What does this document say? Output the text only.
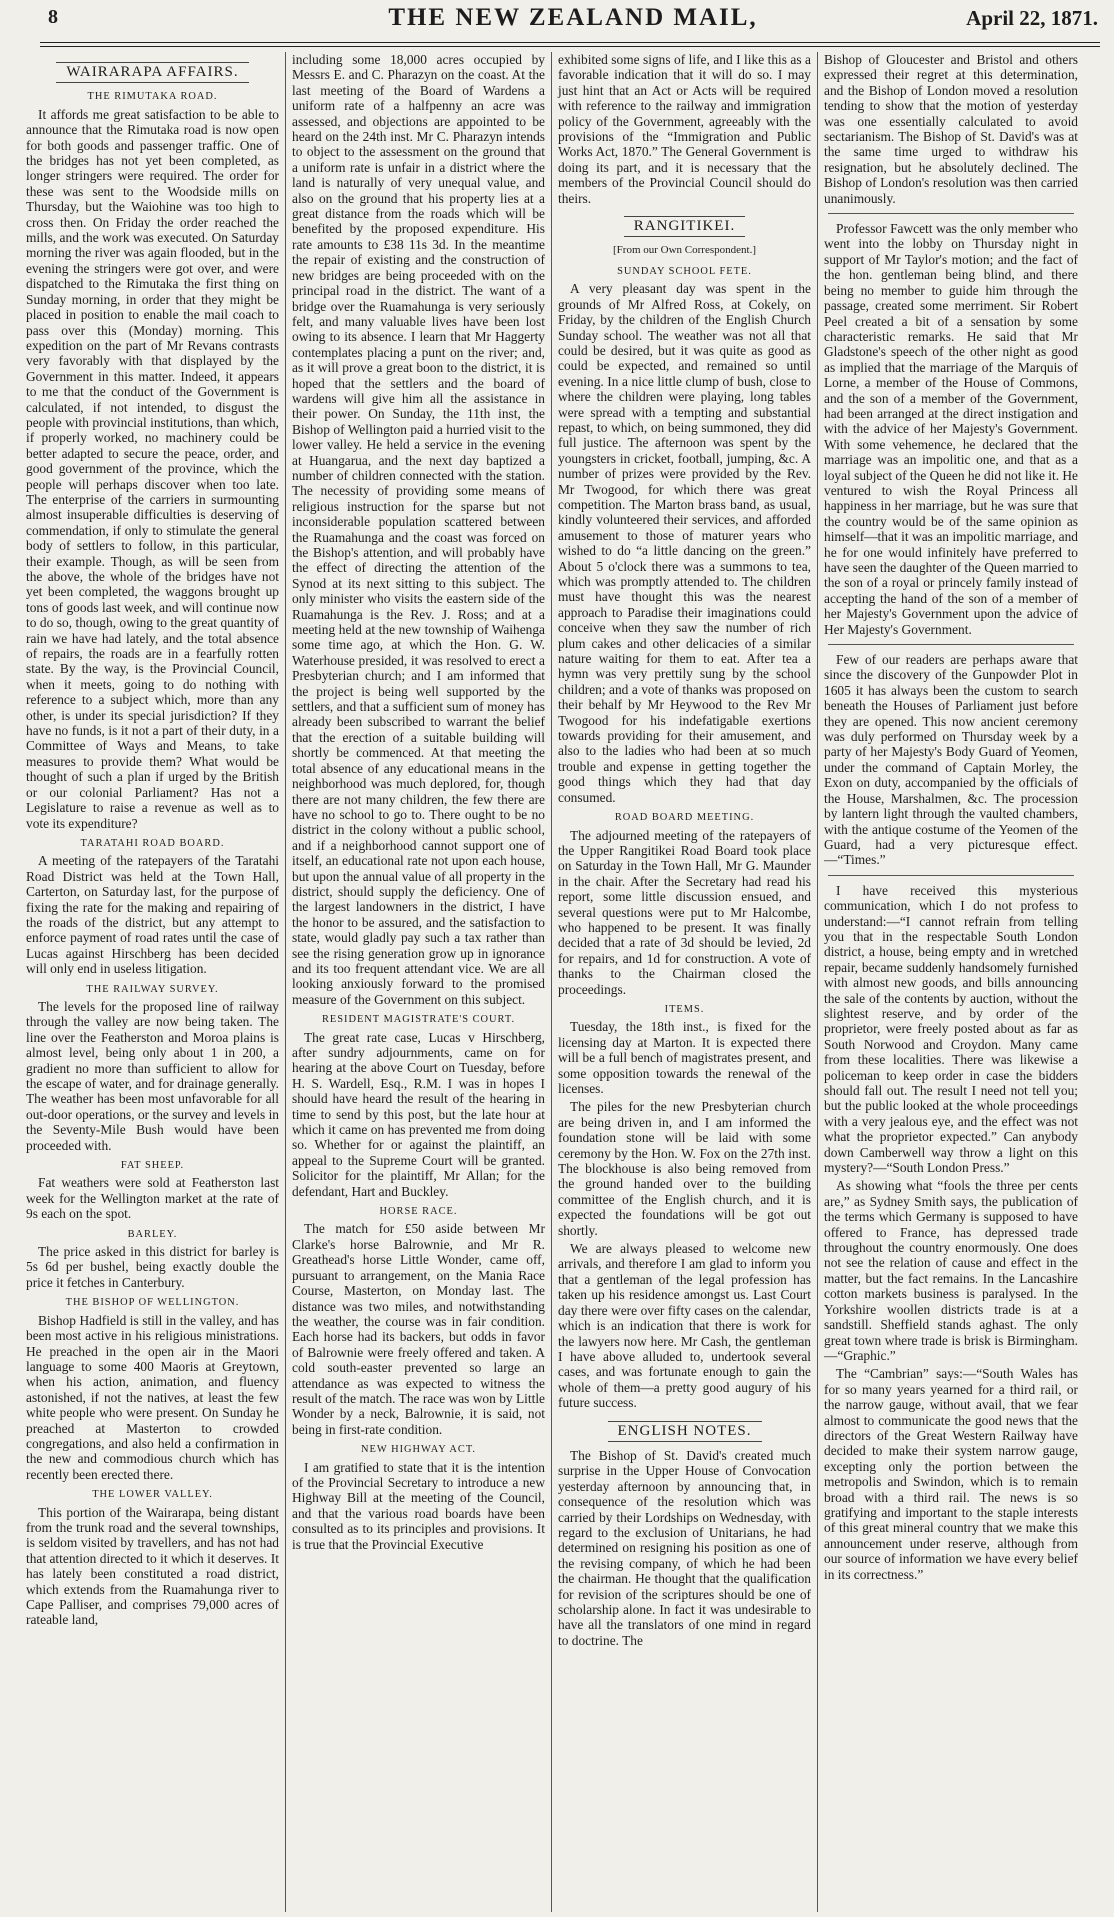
8	THE NEW ZEALAND MAIL,	April 22, 1871.
WAIRARAPA AFFAIRS.
THE RIMUTAKA ROAD.

It affords me great satisfaction to be able to announce that the Rimutaka road is now open for both goods and passenger traffic. One of the bridges has not yet been completed, as longer stringers were required. The order for these was sent to the Woodside mills on Thursday, but the Waiohine was too high to cross then. On Friday the order reached the mills, and the work was executed. On Saturday morning the river was again flooded, but in the evening the stringers were got over, and were dispatched to the Rimutaka the first thing on Sunday morning, in order that they might be placed in position to enable the mail coach to pass over this (Monday) morning. This expedition on the part of Mr Revans contrasts very favorably with that displayed by the Government in this matter. Indeed, it appears to me that the conduct of the Government is calculated, if not intended, to disgust the people with provincial institutions, than which, if properly worked, no machinery could be better adapted to secure the peace, order, and good government of the province, which the people will perhaps discover when too late. The enterprise of the carriers in surmounting almost insuperable difficulties is deserving of commendation, if only to stimulate the general body of settlers to follow, in this particular, their example. Though, as will be seen from the above, the whole of the bridges have not yet been completed, the waggons brought up tons of goods last week, and will continue now to do so, though, owing to the great quantity of rain we have had lately, and the total absence of repairs, the roads are in a fearfully rotten state. By the way, is the Provincial Council, when it meets, going to do nothing with reference to a subject which, more than any other, is under its special jurisdiction? If they have no funds, is it not a part of their duty, in a Committee of Ways and Means, to take measures to provide them? What would be thought of such a plan if urged by the British or our colonial Parliament? Has not a Legislature to raise a revenue as well as to vote its expenditure?

TARATAHI ROAD BOARD.

A meeting of the ratepayers of the Taratahi Road District was held at the Town Hall, Carterton, on Saturday last, for the purpose of fixing the rate for the making and repairing of the roads of the district, but any attempt to enforce payment of road rates until the case of Lucas against Hirschberg has been decided will only end in useless litigation.

THE RAILWAY SURVEY.

The levels for the proposed line of railway through the valley are now being taken. The line over the Featherston and Moroa plains is almost level, being only about 1 in 200, a gradient no more than sufficient to allow for the escape of water, and for drainage generally. The weather has been most unfavorable for all out-door operations, or the survey and levels in the Seventy-Mile Bush would have been proceeded with.

FAT SHEEP.

Fat weathers were sold at Featherston last week for the Wellington market at the rate of 9s each on the spot.

BARLEY.

The price asked in this district for barley is 5s 6d per bushel, being exactly double the price it fetches in Canterbury.

THE BISHOP OF WELLINGTON.

Bishop Hadfield is still in the valley, and has been most active in his religious ministrations. He preached in the open air in the Maori language to some 400 Maoris at Greytown, when his action, animation, and fluency astonished, if not the natives, at least the few white people who were present. On Sunday he preached at Masterton to crowded congregations, and also held a confirmation in the new and commodious church which has recently been erected there.

THE LOWER VALLEY.

This portion of the Wairarapa, being distant from the trunk road and the several townships, is seldom visited by travellers, and has not had that attention directed to it which it deserves. It has lately been constituted a road district, which extends from the Ruamahunga river to Cape Palliser, and comprises 79,000 acres of rateable land,

including some 18,000 acres occupied by Messrs E. and C. Pharazyn on the coast. At the last meeting of the Board of Wardens a uniform rate of a halfpenny an acre was assessed, and objections are appointed to be heard on the 24th inst. Mr C. Pharazyn intends to object to the assessment on the ground that a uniform rate is unfair in a district where the land is naturally of very unequal value, and also on the ground that his property lies at a great distance from the roads which will be benefited by the proposed expenditure. His rate amounts to £38 11s 3d. In the meantime the repair of existing and the construction of new bridges are being proceeded with on the principal road in the district. The want of a bridge over the Ruamahunga is very seriously felt, and many valuable lives have been lost owing to its absence. I learn that Mr Haggerty contemplates placing a punt on the river; and, as it will prove a great boon to the district, it is hoped that the settlers and the board of wardens will give him all the assistance in their power. On Sunday, the 11th inst, the Bishop of Wellington paid a hurried visit to the lower valley. He held a service in the evening at Huangarua, and the next day baptized a number of children connected with the station. The necessity of providing some means of religious instruction for the sparse but not inconsiderable population scattered between the Ruamahunga and the coast was forced on the Bishop's attention, and will probably have the effect of directing the attention of the Synod at its next sitting to this subject. The only minister who visits the eastern side of the Ruamahunga is the Rev. J. Ross; and at a meeting held at the new township of Waihenga some time ago, at which the Hon. G. W. Waterhouse presided, it was resolved to erect a Presbyterian church; and I am informed that the project is being well supported by the settlers, and that a sufficient sum of money has already been subscribed to warrant the belief that the erection of a suitable building will shortly be commenced. At that meeting the total absence of any educational means in the neighborhood was much deplored, for, though there are not many children, the few there are have no school to go to. There ought to be no district in the colony without a public school, and if a neighborhood cannot support one of itself, an educational rate not upon each house, but upon the annual value of all property in the district, should supply the deficiency. One of the largest landowners in the district, I have the honor to be assured, and the satisfaction to state, would gladly pay such a tax rather than see the rising generation grow up in ignorance and its too frequent attendant vice. We are all looking anxiously forward to the promised measure of the Government on this subject.

RESIDENT MAGISTRATE'S COURT.

The great rate case, Lucas v Hirschberg, after sundry adjournments, came on for hearing at the above Court on Tuesday, before H. S. Wardell, Esq., R.M. I was in hopes I should have heard the result of the hearing in time to send by this post, but the late hour at which it came on has prevented me from doing so. Whether for or against the plaintiff, an appeal to the Supreme Court will be granted. Solicitor for the plaintiff, Mr Allan; for the defendant, Hart and Buckley.

HORSE RACE.

The match for £50 aside between Mr Clarke's horse Balrownie, and Mr R. Greathead's horse Little Wonder, came off, pursuant to arrangement, on the Mania Race Course, Masterton, on Monday last. The distance was two miles, and notwithstanding the weather, the course was in fair condition. Each horse had its backers, but odds in favor of Balrownie were freely offered and taken. A cold south-easter prevented so large an attendance as was expected to witness the result of the match. The race was won by Little Wonder by a neck, Balrownie, it is said, not being in first-rate condition.

NEW HIGHWAY ACT.

I am gratified to state that it is the intention of the Provincial Secretary to introduce a new Highway Bill at the meeting of the Council, and that the various road boards have been consulted as to its principles and provisions. It is true that the Provincial Executive

exhibited some signs of life, and I like this as a favorable indication that it will do so. I may just hint that an Act or Acts will be required with reference to the railway and immigration policy of the Government, agreeably with the provisions of the “Immigration and Public Works Act, 1870.” The General Government is doing its part, and it is necessary that the members of the Provincial Council should do theirs.

RANGITIKEI.
[From our Own Correspondent.]
SUNDAY SCHOOL FETE.

A very pleasant day was spent in the grounds of Mr Alfred Ross, at Cokely, on Friday, by the children of the English Church Sunday school. The weather was not all that could be desired, but it was quite as good as could be expected, and remained so until evening. In a nice little clump of bush, close to where the children were playing, long tables were spread with a tempting and substantial repast, to which, on being summoned, they did full justice. The afternoon was spent by the youngsters in cricket, football, jumping, &c. A number of prizes were provided by the Rev. Mr Twogood, for which there was great competition. The Marton brass band, as usual, kindly volunteered their services, and afforded amusement to those of maturer years who wished to do “a little dancing on the green.” About 5 o'clock there was a summons to tea, which was promptly attended to. The children must have thought this was the nearest approach to Paradise their imaginations could conceive when they saw the number of rich plum cakes and other delicacies of a similar nature waiting for them to eat. After tea a hymn was very prettily sung by the school children; and a vote of thanks was proposed on their behalf by Mr Heywood to the Rev Mr Twogood for his indefatigable exertions towards providing for their amusement, and also to the ladies who had been at so much trouble and expense in getting together the good things which they had that day consumed.

ROAD BOARD MEETING.

The adjourned meeting of the ratepayers of the Upper Rangitikei Road Board took place on Saturday in the Town Hall, Mr G. Maunder in the chair. After the Secretary had read his report, some little discussion ensued, and several questions were put to Mr Halcombe, who happened to be present. It was finally decided that a rate of 3d should be levied, 2d for repairs, and 1d for construction. A vote of thanks to the Chairman closed the proceedings.

ITEMS.

Tuesday, the 18th inst., is fixed for the licensing day at Marton. It is expected there will be a full bench of magistrates present, and some opposition towards the renewal of the licenses.

The piles for the new Presbyterian church are being driven in, and I am informed the foundation stone will be laid with some ceremony by the Hon. W. Fox on the 27th inst. The blockhouse is also being removed from the ground handed over to the building committee of the English church, and it is expected the foundations will be got out shortly.

We are always pleased to welcome new arrivals, and therefore I am glad to inform you that a gentleman of the legal profession has taken up his residence amongst us. Last Court day there were over fifty cases on the calendar, which is an indication that there is work for the lawyers now here. Mr Cash, the gentleman I have above alluded to, undertook several cases, and was fortunate enough to gain the whole of them—a pretty good augury of his future success.

ENGLISH NOTES.

The Bishop of St. David's created much surprise in the Upper House of Convocation yesterday afternoon by announcing that, in consequence of the resolution which was carried by their Lordships on Wednesday, with regard to the exclusion of Unitarians, he had determined on resigning his position as one of the revising company, of which he had been the chairman. He thought that the qualification for revision of the scriptures should be one of scholarship alone. In fact it was undesirable to have all the translators of one mind in regard to doctrine. The

Bishop of Gloucester and Bristol and others expressed their regret at this determination, and the Bishop of London moved a resolution tending to show that the motion of yesterday was one essentially calculated to avoid sectarianism. The Bishop of St. David's was at the same time urged to withdraw his resignation, but he absolutely declined. The Bishop of London's resolution was then carried unanimously.

Professor Fawcett was the only member who went into the lobby on Thursday night in support of Mr Taylor's motion; and the fact of the hon. gentleman being blind, and there being no member to guide him through the passage, created some merriment. Sir Robert Peel created a bit of a sensation by some characteristic remarks. He said that Mr Gladstone's speech of the other night as good as implied that the marriage of the Marquis of Lorne, a member of the House of Commons, and the son of a member of the Government, had been arranged at the direct instigation and with the advice of her Majesty's Government. With some vehemence, he declared that the marriage was an impolitic one, and that as a loyal subject of the Queen he did not like it. He ventured to wish the Royal Princess all happiness in her marriage, but he was sure that the country would be of the same opinion as himself—that it was an impolitic marriage, and he for one would infinitely have preferred to have seen the daughter of the Queen married to the son of a royal or princely family instead of accepting the hand of the son of a member of her Majesty's Government upon the advice of Her Majesty's Government.

Few of our readers are perhaps aware that since the discovery of the Gunpowder Plot in 1605 it has always been the custom to search beneath the Houses of Parliament just before they are opened. This now ancient ceremony was duly performed on Thursday week by a party of her Majesty's Body Guard of Yeomen, under the command of Captain Morley, the Exon on duty, accompanied by the officials of the House, Marshalmen, &c. The procession by lantern light through the vaulted chambers, with the antique costume of the Yeomen of the Guard, had a very picturesque effect.—“Times.”

I have received this mysterious communication, which I do not profess to understand:—“I cannot refrain from telling you that in the respectable South London district, a house, being empty and in wretched repair, became suddenly handsomely furnished with almost new goods, and bills announcing the sale of the contents by auction, without the slightest reserve, and by order of the proprietor, were freely posted about as far as South Norwood and Croydon. Many came from these localities. There was likewise a policeman to keep order in case the bidders should fall out. The result I need not tell you; but the public looked at the whole proceedings with a very jealous eye, and the effect was not what the proprietor expected.” Can anybody down Camberwell way throw a light on this mystery?—“South London Press.”

As showing what “fools the three per cents are,” as Sydney Smith says, the publication of the terms which Germany is supposed to have offered to France, has depressed trade throughout the country enormously. One does not see the relation of cause and effect in the matter, but the fact remains. In the Lancashire cotton markets business is paralysed. In the Yorkshire woollen districts trade is at a sandstill. Sheffield stands aghast. The only great town where trade is brisk is Birmingham.—“Graphic.”

The “Cambrian” says:—“South Wales has for so many years yearned for a third rail, or the narrow gauge, without avail, that we fear almost to communicate the good news that the directors of the Great Western Railway have decided to make their system narrow gauge, excepting only the portion between the metropolis and Swindon, which is to remain broad with a third rail. The news is so gratifying and important to the staple interests of this great mineral country that we make this announcement under reserve, although from our source of information we have every belief in its correctness.”
